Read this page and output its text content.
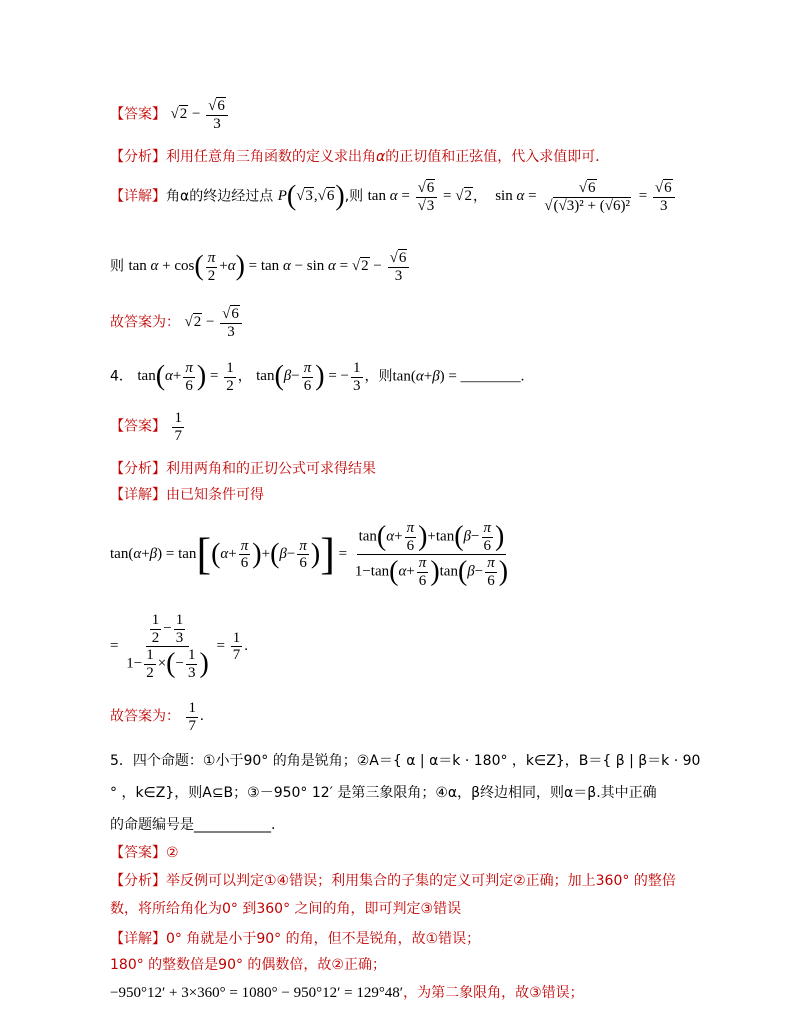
【答案】 $√2 - \frac{√6}{3}$
【分析】利用任意角三角函数的定义求出角α的正切值和正弦值，代入求值即可．
【详解】角α的终边经过点 P(√3,√6),则 $\tan \alpha = \frac{√6}{√3} = √2$，  $\sin \alpha = \frac{√6}{\text{√(√3)² + (√6)²}} = \frac{√6}{3}$
则 $\tan \alpha + \cos( \frac{\pi}{2} +\alpha) = \tan \alpha - \sin \alpha = √2 - \frac{√6}{3}$
故答案为： $√2 - \frac{√6}{3}$
4． $\tan(\alpha+ \frac{\pi}{6}$ ) = $\frac{1}{2}$ ， $\tan(\beta- \frac{\pi}{6}$ ) = − $\frac{1}{3}$ ，则tan(α+β) = ________.
【答案】 $\frac{1}{7}$
【分析】利用两角和的正切公式可求得结果
【详解】由已知条件可得
$\tan(\alpha+\beta) = \tan[(\alpha+ \frac{\pi}{6} )+(\beta- \frac{\pi}{6}$ )] = $\frac{\tan(\alpha+ \frac{\pi}{6} )+\tan(\beta- \frac{\pi}{6} )}{1-\tan(\alpha+ \frac{\pi}{6} )\tan(\beta- \frac{\pi}{6} )}$
= $\frac{\frac{1}{2} - \frac{1}{3}}{1- \frac{1}{2} \times(- \frac{1}{3} )} = \frac{1}{7}$ .
故答案为： $\frac{1}{7}$ .
5．四个命题：①小于90° 的角是锐角；②A＝{ α | α＝k · 180° ，k∈Z}，B＝{ β | β＝k · 90
° ，k∈Z}，则A⊆B；③－950° 12′ 是第三象限角；④α，β终边相同，则α＝β.其中正确
的命题编号是___________.
【答案】②
【分析】举反例可以判定①④错误；利用集合的子集的定义可判定②正确；加上360° 的整倍
数，将所给角化为0° 到360° 之间的角，即可判定③错误
【详解】0° 角就是小于90° 的角，但不是锐角，故①错误；
180° 的整数倍是90° 的偶数倍，故②正确；
−950°12′ + 3×360° = 1080° − 950°12′ = 129°48′，为第二象限角，故③错误；
